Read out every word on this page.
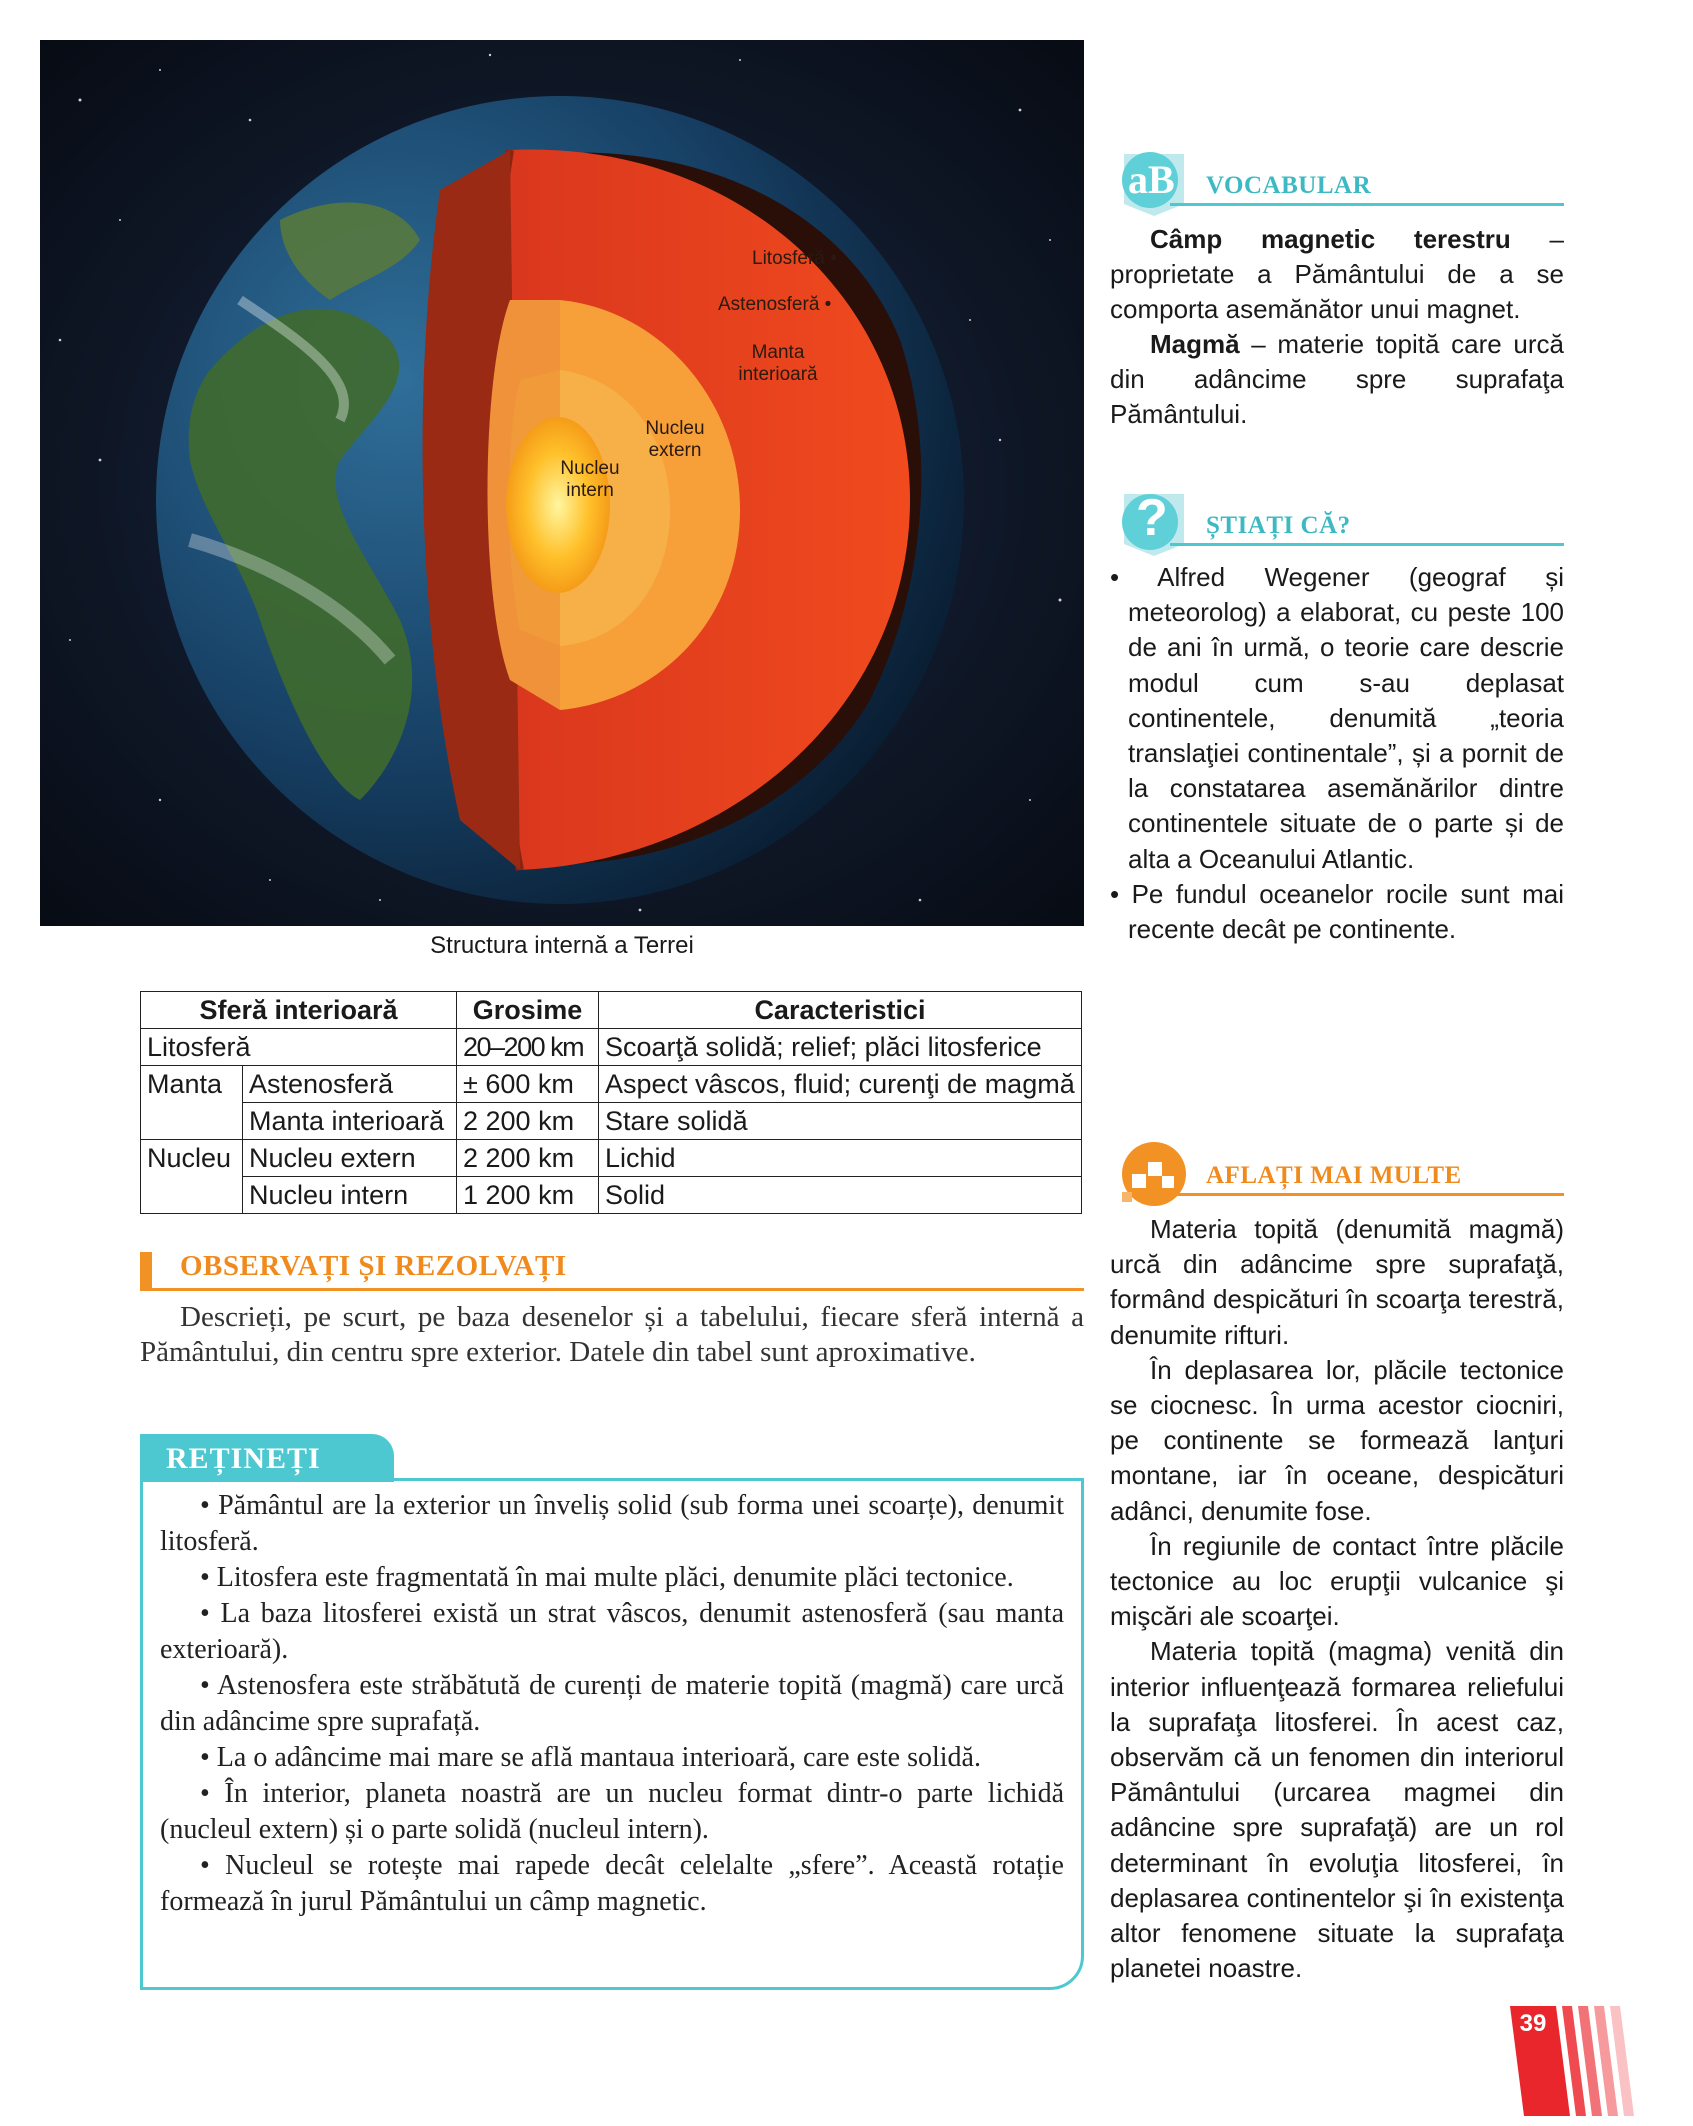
Litosferă •
Astenosferă •
Manta interioară
Nucleu extern
Nucleu intern
Structura internă a Terrei
Sferă interioară		Grosime	Caracteristici
Litosferă		20–200 km	Scoarţă solidă; relief; plăci litosferice
Manta	Astenosferă	± 600 km	Aspect vâscos, fluid; curenţi de magmă
	Manta interioară	2 200 km	Stare solidă
Nucleu	Nucleu extern	2 200 km	Lichid
	Nucleu intern	1 200 km	Solid
OBSERVAȚI ȘI REZOLVAȚI
Descrieți, pe scurt, pe baza desenelor și a tabelului, fiecare sferă internă a Pământului, din centru spre exterior. Datele din tabel sunt aproximative.
REȚINEȚI

• Pământul are la exterior un înveliș solid (sub forma unei scoarțe), denumit litosferă.

• Litosfera este fragmentată în mai multe plăci, denumite plăci tectonice.

• La baza litosferei există un strat vâscos, denumit astenosferă (sau manta exterioară).

• Astenosfera este străbătută de curenți de materie topită (magmă) care urcă din adâncime spre suprafață.

• La o adâncime mai mare se află mantaua interioară, care este solidă.

• În interior, planeta noastră are un nucleu format dintr-o parte lichidă (nucleul extern) și o parte solidă (nucleul intern).

• Nucleul se rotește mai rapede decât celelalte „sfere”. Această rotație formează în jurul Pământului un câmp magnetic.

aB VOCABULAR

Câmp magnetic terestru – proprietate a Pământului de a se comporta asemănător unui magnet.

Magmă – materie topită care urcă din adâncime spre suprafaţa Pământului.

? ȘTIAȚI CĂ?

• Alfred Wegener (geograf și meteorolog) a elaborat, cu peste 100 de ani în urmă, o teorie care descrie modul cum s-au deplasat continentele, denumită „teoria translaţiei continentale”, și a pornit de la constatarea asemănărilor dintre continentele situate de o parte și de alta a Oceanului Atlantic.

• Pe fundul oceanelor rocile sunt mai recente decât pe continente.

AFLAȚI MAI MULTE

Materia topită (denumită magmă) urcă din adâncime spre suprafaţă, formând despicături în scoarţa terestră, denumite rifturi.

În deplasarea lor, plăcile tectonice se ciocnesc. În urma acestor ciocniri, pe continente se formează lanţuri montane, iar în oceane, despicături adânci, denumite fose.

În regiunile de contact între plăcile tectonice au loc erupţii vulcanice şi mişcări ale scoarţei.

Materia topită (magma) venită din interior influenţează formarea reliefului la suprafaţa litosferei. În acest caz, observăm că un fenomen din interiorul Pământului (urcarea magmei din adâncine spre suprafaţă) are un rol determinant în evoluţia litosferei, în deplasarea continentelor şi în existenţa altor fenomene situate la suprafaţa planetei noastre.

39
